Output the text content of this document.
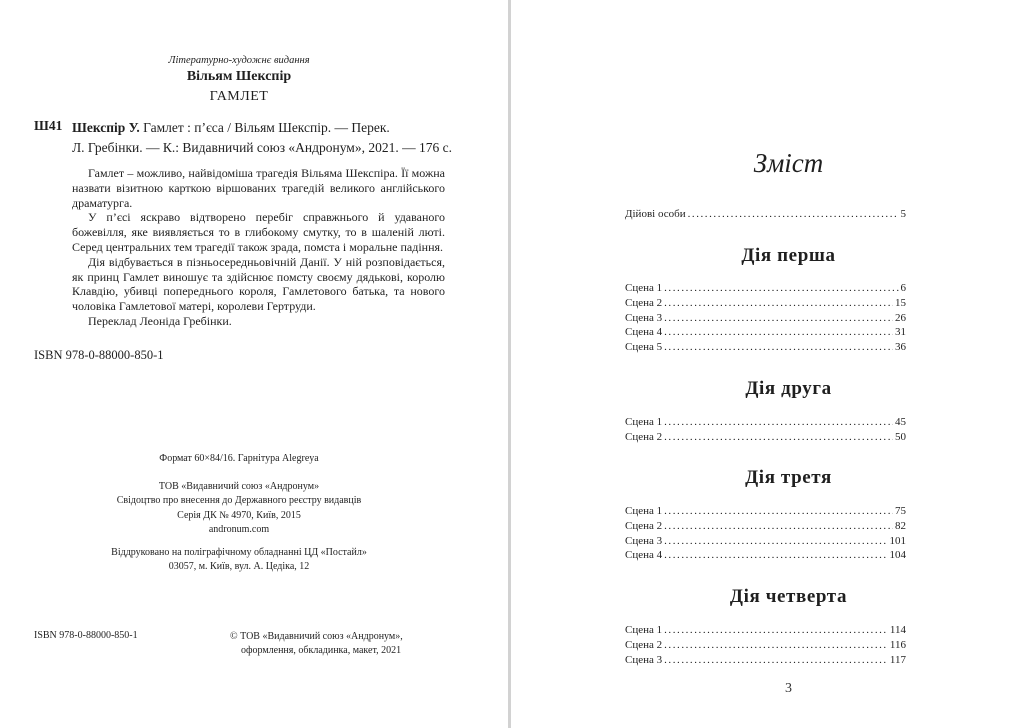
Літературно-художнє видання
Вільям Шекспір
ГАМЛЕТ
Ш41 Шекспір У. Гамлет : п’єса / Вільям Шекспір. — Перек.
Л. Гребінки. — К.: Видавничий союз «Андронум», 2021. — 176 с.

Гамлет – можливо, найвідоміша трагедія Вільяма Шекспіра. Її можна назвати візитною карткою віршованих трагедій великого англійського драматурга.

У п’єсі яскраво відтворено перебіг справжнього й удаваного божевілля, яке виявляється то в глибокому смутку, то в шаленій люті. Серед центральних тем трагедії також зрада, помста і моральне падіння.

Дія відбувається в пізньосередньовічній Данії. У ній розповідається, як принц Гамлет виношує та здійснює помсту своєму дядькові, королю Клавдію, убивці попереднього короля, Гамлетового батька, та нового чоловіка Гамлетової матері, королеви Гертруди.

Переклад Леоніда Гребінки.

ISBN 978-0-88000-850-1
Формат 60×84/16. Гарнітура Alegreya
ТОВ «Видавничий союз «Андронум»
Свідоцтво про внесення до Державного реєстру видавців
Серія ДК № 4970, Київ, 2015
andronum.com
Віддруковано на поліграфічному обладнанні ЦД «Постайл»
03057, м. Київ, вул. А. Цедіка, 12
ISBN 978-0-88000-850-1	© ТОВ «Видавничий союз «Андронум»,

оформлення, обкладинка, макет, 2021
Зміст
Дійові особи . . .	5
Дія перша
Сцена 1 . . .	6
Сцена 2 . . .	15
Сцена 3 . . .	26
Сцена 4 . . .	31
Сцена 5 . . .	36
Дія друга
Сцена 1 . . .	45
Сцена 2 . . .	50
Дія третя
Сцена 1 . . .	75
Сцена 2 . . .	82
Сцена 3 . . .	101
Сцена 4 . . .	104
Дія четверта
Сцена 1 . . .	114
Сцена 2 . . .	116
Сцена 3 . . .	117
3
